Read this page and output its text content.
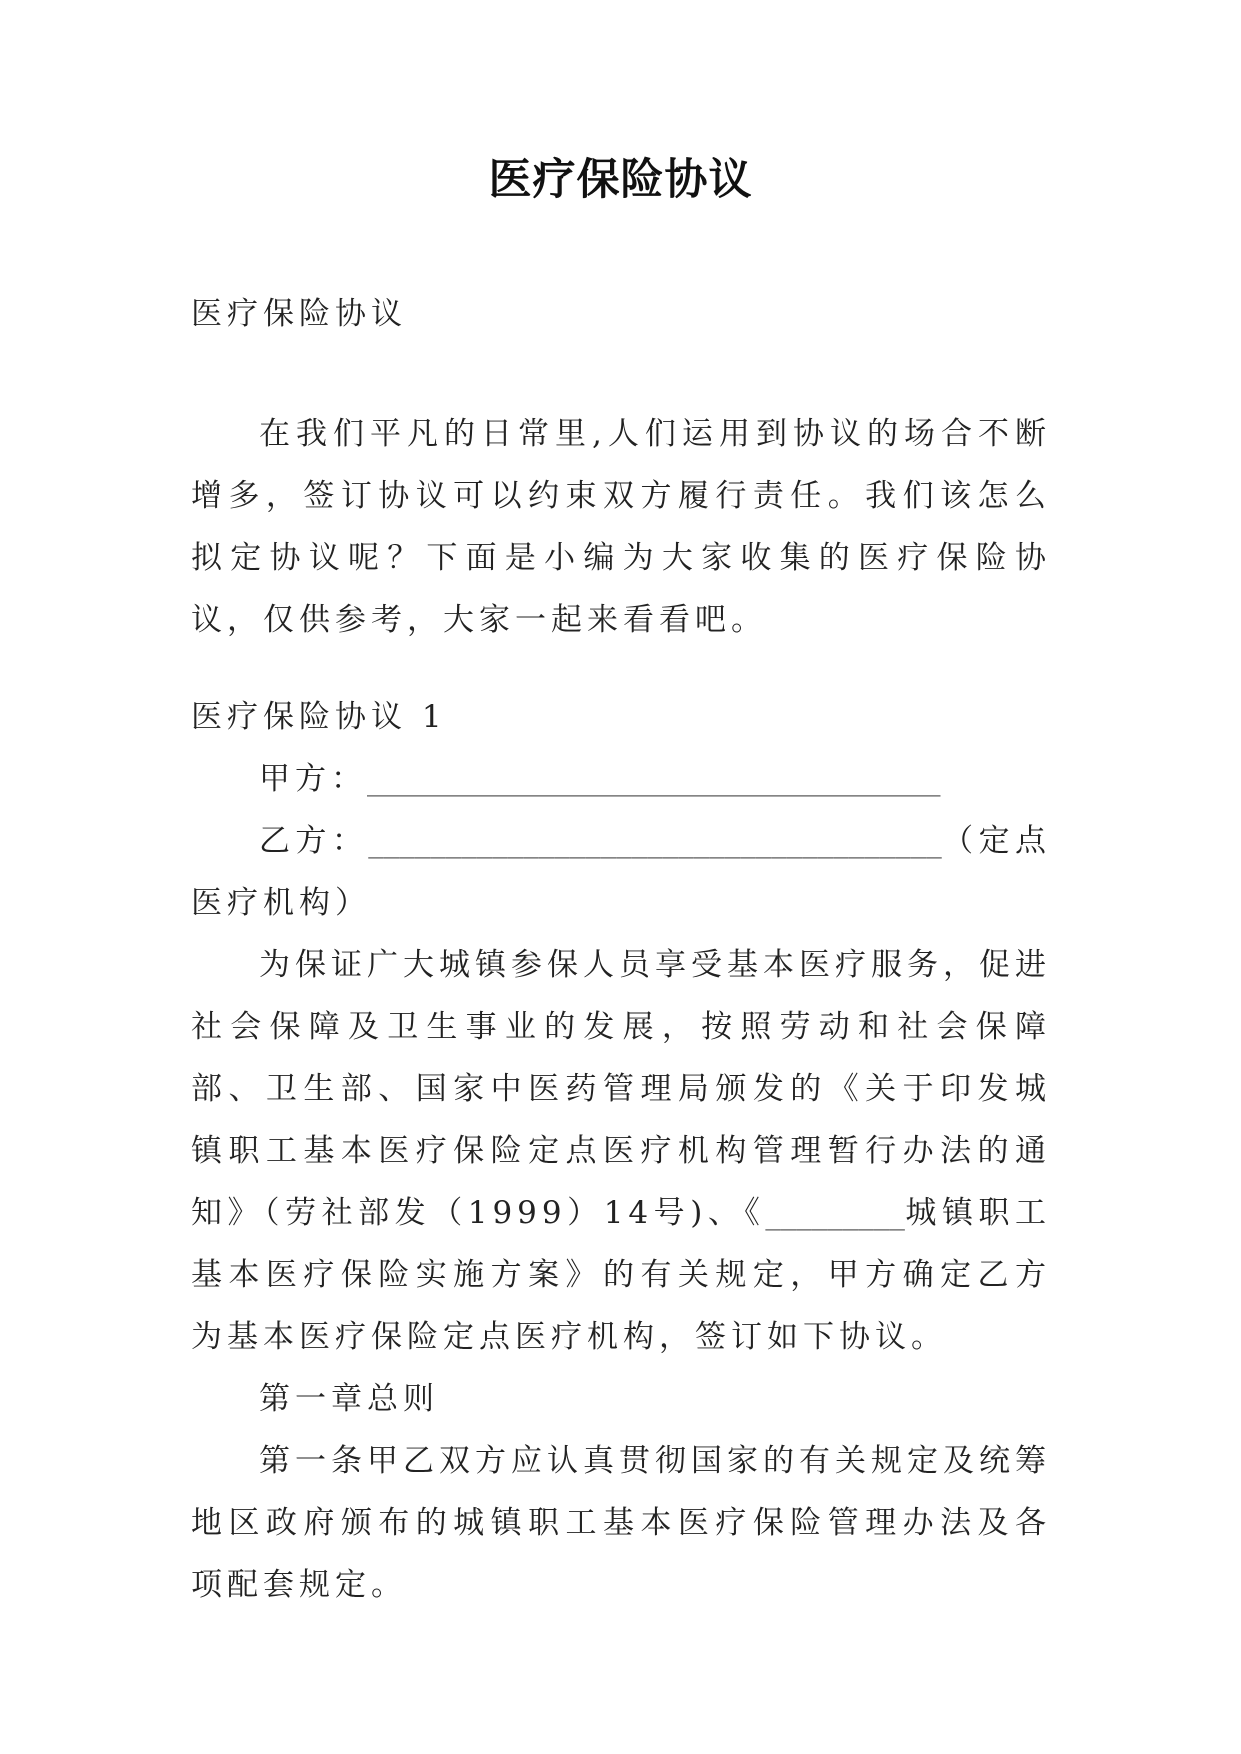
医疗保险协议

医疗保险协议

在我们平凡的日常里,人们运用到协议的场合不断增多，签订协议可以约束双方履行责任。我们该怎么拟定协议呢？下面是小编为大家收集的医疗保险协议，仅供参考，大家一起来看看吧。

医疗保险协议 1

甲方：_____________________________________

乙方：_____________________________________（定点医疗机构）

为保证广大城镇参保人员享受基本医疗服务，促进社会保障及卫生事业的发展，按照劳动和社会保障部、卫生部、国家中医药管理局颁发的《关于印发城镇职工基本医疗保险定点医疗机构管理暂行办法的通知》（劳社部发（1999）14号)、《_________城镇职工基本医疗保险实施方案》的有关规定，甲方确定乙方为基本医疗保险定点医疗机构，签订如下协议。

第一章总则

第一条甲乙双方应认真贯彻国家的有关规定及统筹地区政府颁布的城镇职工基本医疗保险管理办法及各项配套规定。
